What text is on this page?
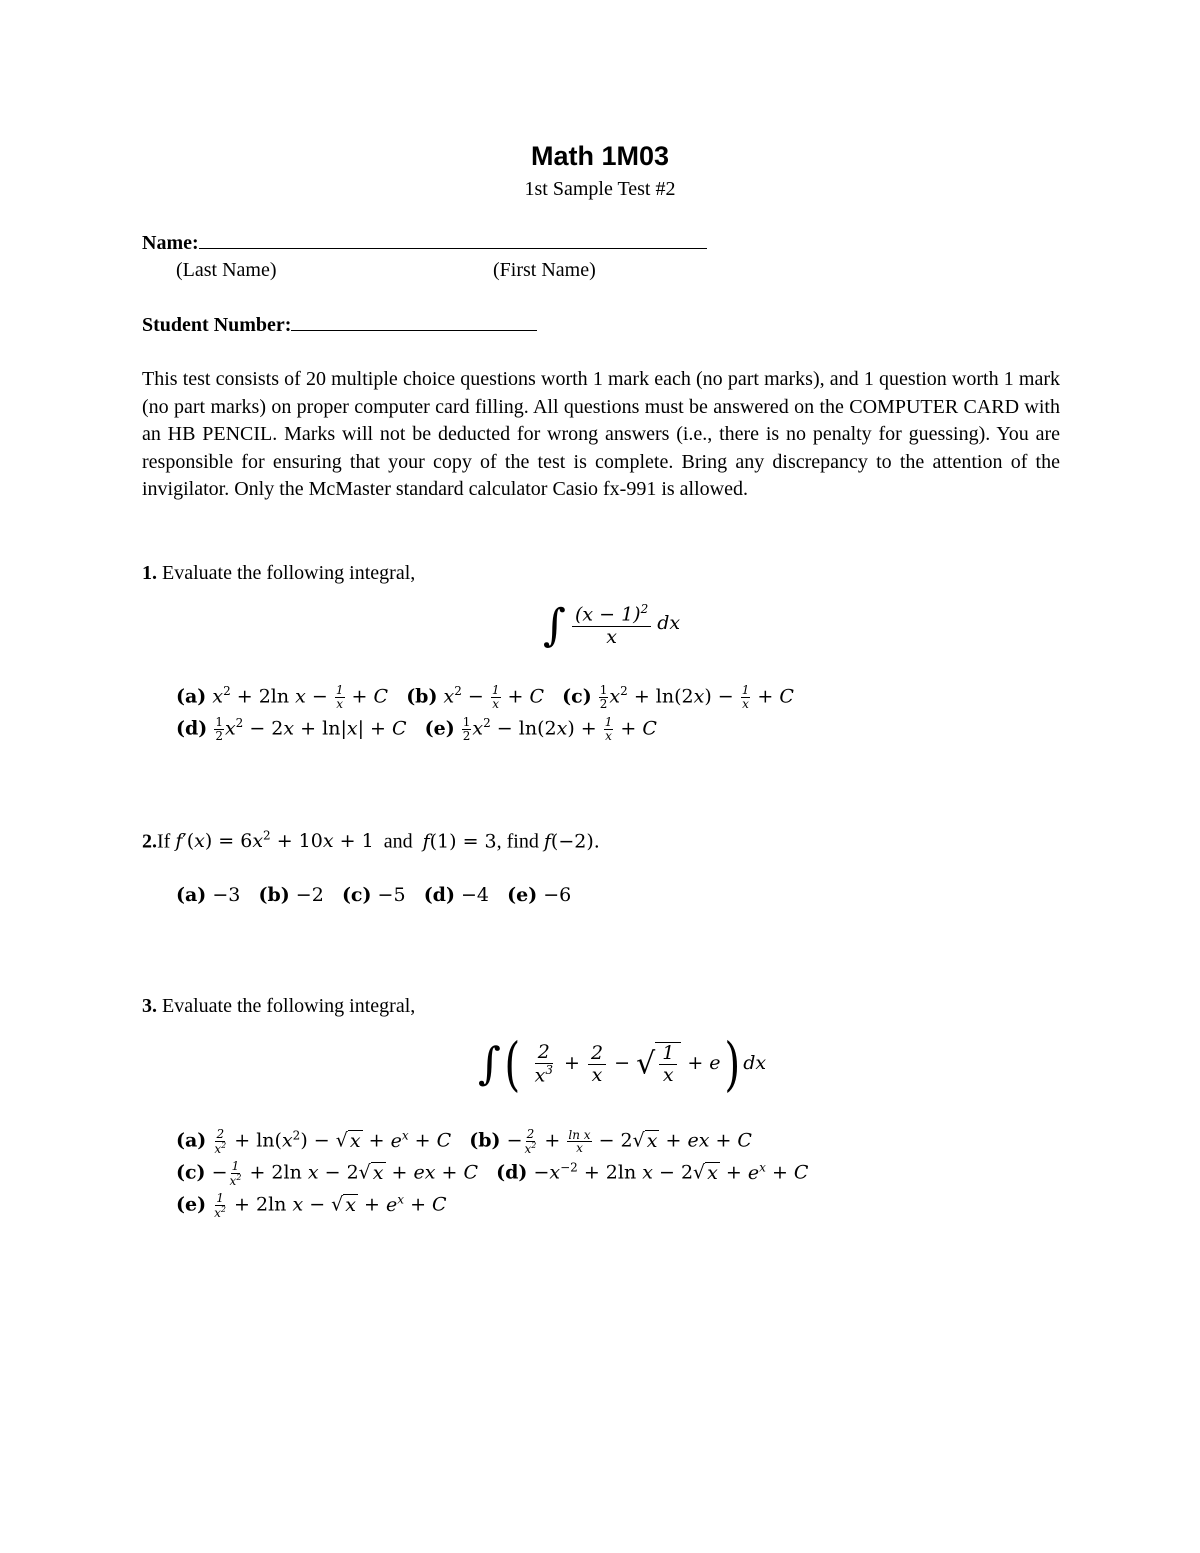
Math 1M03
1st Sample Test #2
Name:
(Last Name)	(First Name)
Student Number:
This test consists of 20 multiple choice questions worth 1 mark each (no part marks), and 1 question worth 1 mark (no part marks) on proper computer card filling. All questions must be answered on the COMPUTER CARD with an HB PENCIL. Marks will not be deducted for wrong answers (i.e., there is no penalty for guessing). You are responsible for ensuring that your copy of the test is complete. Bring any discrepancy to the attention of the invigilator. Only the McMaster standard calculator Casio fx-991 is allowed.
1. Evaluate the following integral,
∫ $\frac{(x - 1)^2}{x}$ dx
(a) $x^2 + 2\ln$ $x - \frac{1}{x} + C$ (b) $x^2 - \frac{1}{x} + C$ $(c) \frac{1}{2} x^2 + \ln(2x) - \frac{1}{x} + C$
$(d) \frac{1}{2} x^2 - 2x + \ln|x| + C$ $(e) \frac{1}{2} x^2 - \ln(2x) + \frac{1}{x} + C$
2.If $f'(x) = 6x^2 + 10x + 1$ and f(1) = 3, find f(−2).
(a) −3 (b) −2 (c) −5 (d) −4 (e) −6
3. Evaluate the following integral,
∫( $\frac{2}{x^3} + \frac{2}{x}$ − √ $\frac{1}{x} + e$) dx
$(a) \frac{2}{x^2} + \ln(x^2)$ − √ $x + e^x + C$ $(b) - \frac{2}{x^2} + \frac{\text{ln x}}{x} - 2√$ x + ex + C
$(c) - \frac{1}{x^2} + 2\ln$ x − 2√ x + ex + C $(d) -x^{-2} + 2\ln$ x − 2√ $x + e^x + C$
$(e) \frac{1}{x^2} + 2\ln$ x − √ $x + e^x + C$
